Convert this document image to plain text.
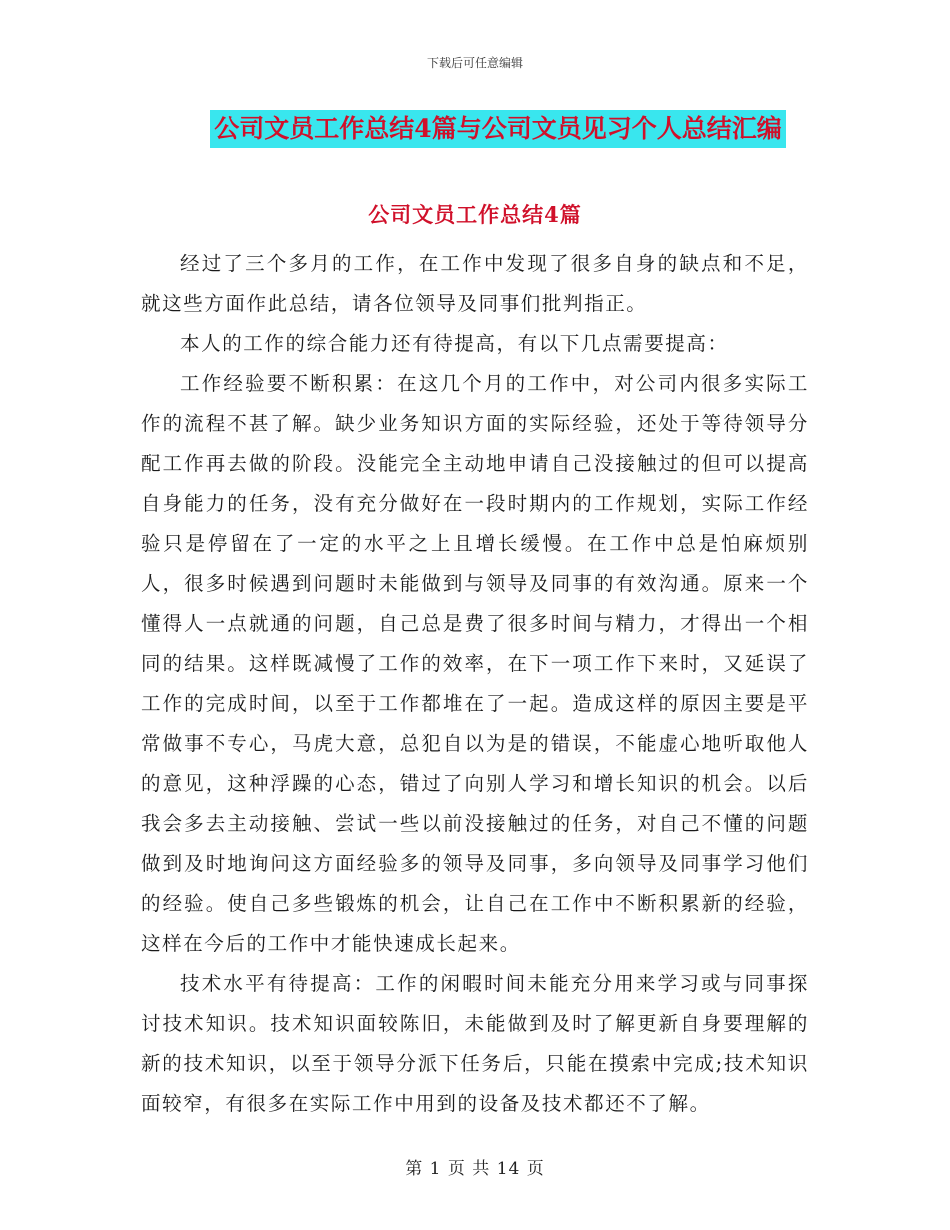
下载后可任意编辑
公司文员工作总结4篇与公司文员见习个人总结汇编
公司文员工作总结4篇

经过了三个多月的工作，在工作中发现了很多自身的缺点和不足，就这些方面作此总结，请各位领导及同事们批判指正。

本人的工作的综合能力还有待提高，有以下几点需要提高：

工作经验要不断积累：在这几个月的工作中，对公司内很多实际工作的流程不甚了解。缺少业务知识方面的实际经验，还处于等待领导分配工作再去做的阶段。没能完全主动地申请自己没接触过的但可以提高自身能力的任务，没有充分做好在一段时期内的工作规划，实际工作经验只是停留在了一定的水平之上且增长缓慢。在工作中总是怕麻烦别人，很多时候遇到问题时未能做到与领导及同事的有效沟通。原来一个懂得人一点就通的问题，自己总是费了很多时间与精力，才得出一个相同的结果。这样既减慢了工作的效率，在下一项工作下来时，又延误了工作的完成时间，以至于工作都堆在了一起。造成这样的原因主要是平常做事不专心，马虎大意，总犯自以为是的错误，不能虚心地听取他人的意见，这种浮躁的心态，错过了向别人学习和增长知识的机会。以后我会多去主动接触、尝试一些以前没接触过的任务，对自己不懂的问题做到及时地询问这方面经验多的领导及同事，多向领导及同事学习他们的经验。使自己多些锻炼的机会，让自己在工作中不断积累新的经验，这样在今后的工作中才能快速成长起来。

技术水平有待提高：工作的闲暇时间未能充分用来学习或与同事探讨技术知识。技术知识面较陈旧，未能做到及时了解更新自身要理解的新的技术知识，以至于领导分派下任务后，只能在摸索中完成;技术知识面较窄，有很多在实际工作中用到的设备及技术都还不了解。

第 1 页 共 14 页
